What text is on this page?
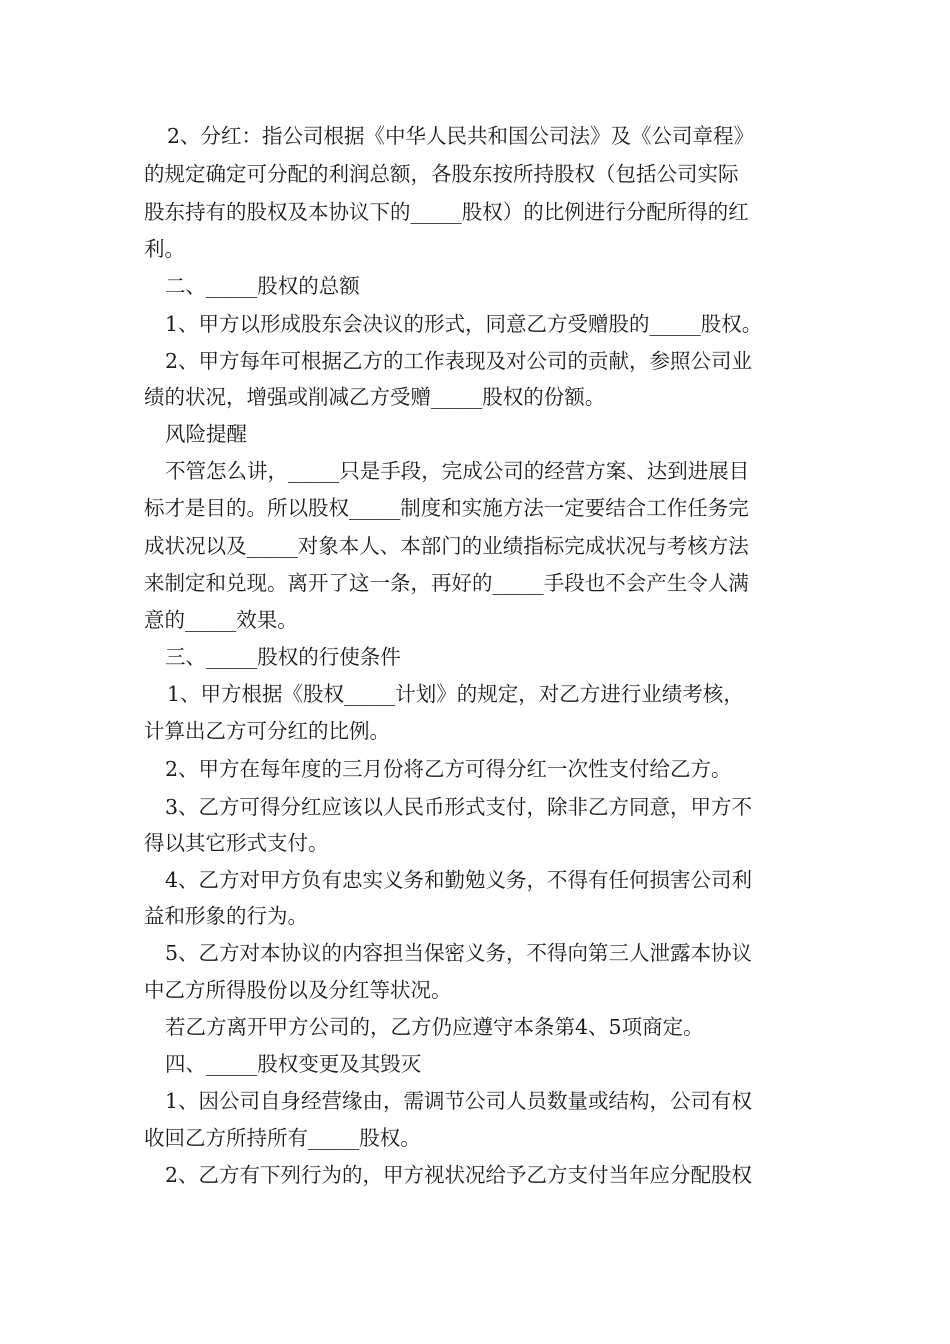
2、分红：指公司根据《中华人民共和国公司法》及《公司章程》
的规定确定可分配的利润总额，各股东按所持股权（包括公司实际
股东持有的股权及本协议下的_____股权）的比例进行分配所得的红
利。
二、_____股权的总额
1、甲方以形成股东会决议的形式，同意乙方受赠股的_____股权。
2、甲方每年可根据乙方的工作表现及对公司的贡献，参照公司业
绩的状况，增强或削减乙方受赠_____股权的份额。
风险提醒
不管怎么讲，_____只是手段，完成公司的经营方案、达到进展目
标才是目的。所以股权_____制度和实施方法一定要结合工作任务完
成状况以及_____对象本人、本部门的业绩指标完成状况与考核方法
来制定和兑现。离开了这一条，再好的_____手段也不会产生令人满
意的_____效果。
三、_____股权的行使条件
1、甲方根据《股权_____计划》的规定，对乙方进行业绩考核，
计算出乙方可分红的比例。
2、甲方在每年度的三月份将乙方可得分红一次性支付给乙方。
3、乙方可得分红应该以人民币形式支付，除非乙方同意，甲方不
得以其它形式支付。
4、乙方对甲方负有忠实义务和勤勉义务，不得有任何损害公司利
益和形象的行为。
5、乙方对本协议的内容担当保密义务，不得向第三人泄露本协议
中乙方所得股份以及分红等状况。
若乙方离开甲方公司的，乙方仍应遵守本条第4、5项商定。
四、_____股权变更及其毁灭
1、因公司自身经营缘由，需调节公司人员数量或结构，公司有权
收回乙方所持所有_____股权。
2、乙方有下列行为的，甲方视状况给予乙方支付当年应分配股权
